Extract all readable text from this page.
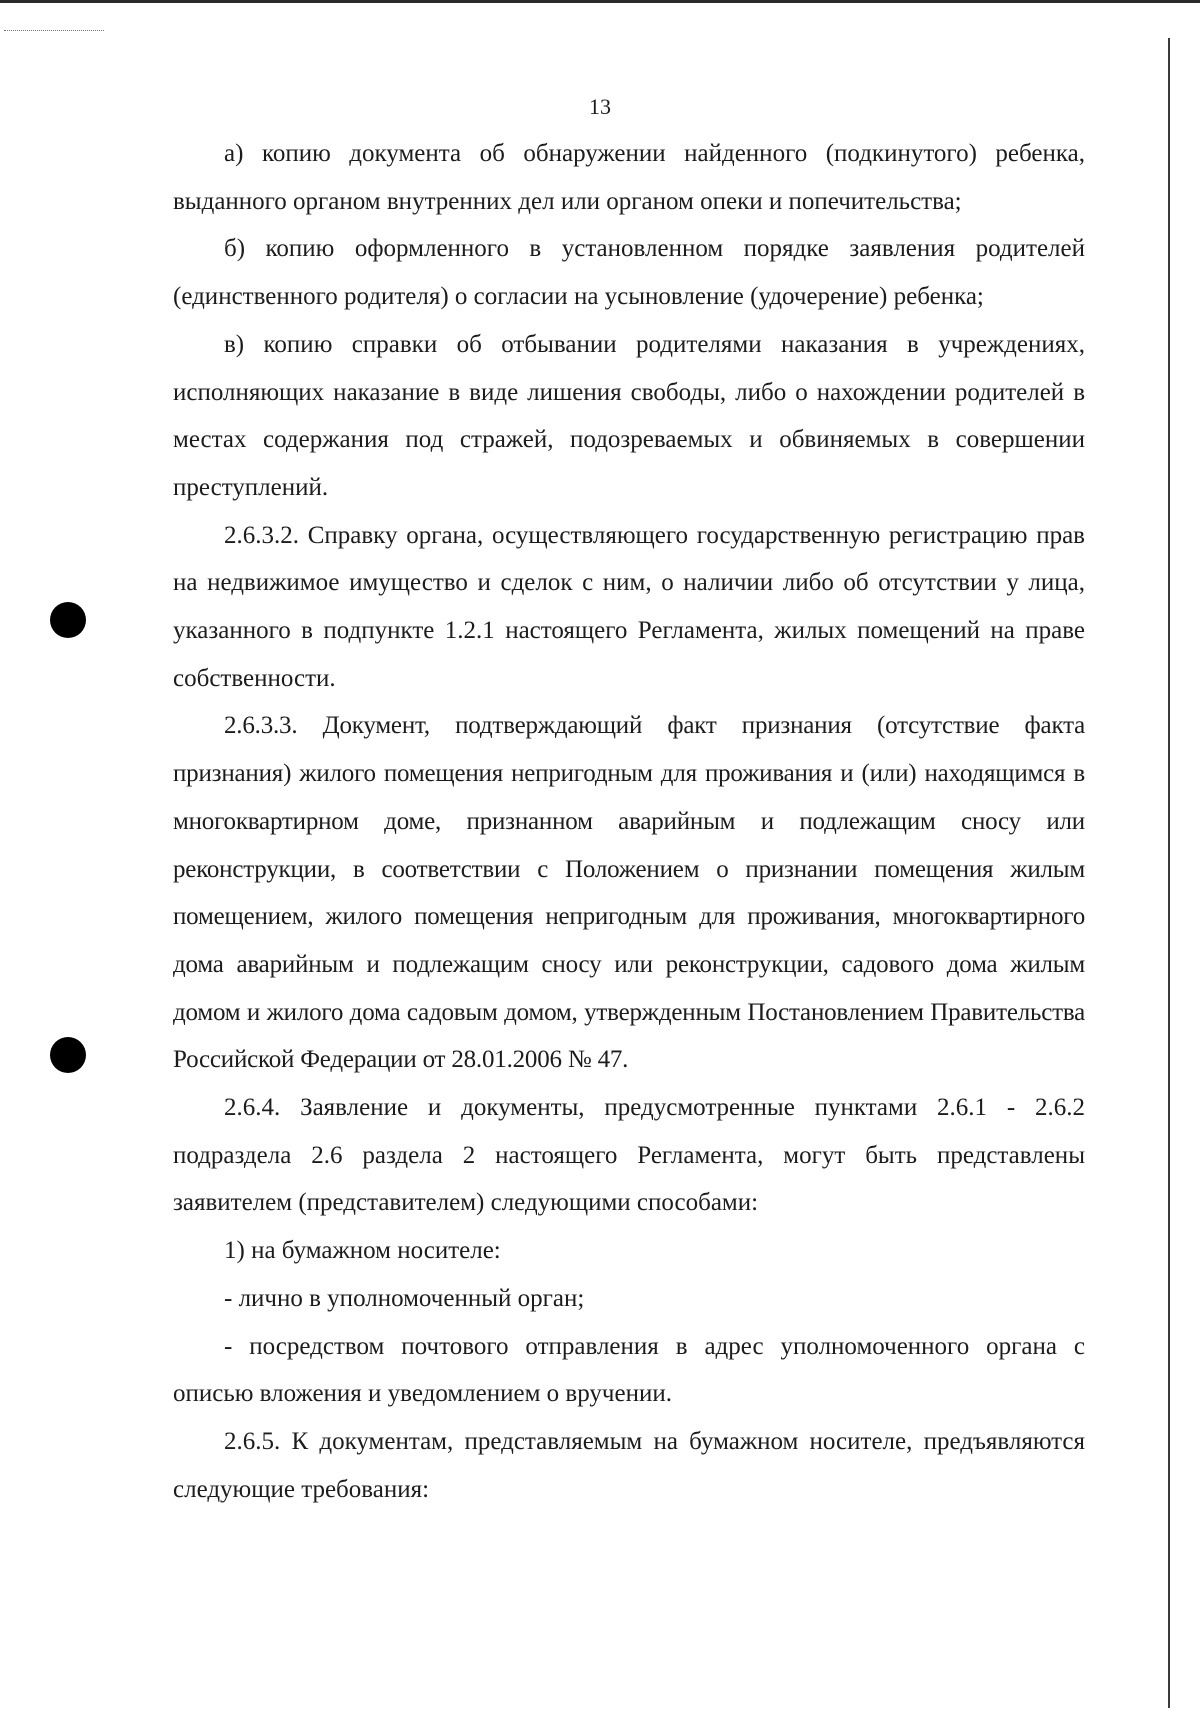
13

а) копию документа об обнаружении найденного (подкинутого) ребенка, выданного органом внутренних дел или органом опеки и попечительства;

б) копию оформленного в установленном порядке заявления родителей (единственного родителя) о согласии на усыновление (удочерение) ребенка;

в) копию справки об отбывании родителями наказания в учреждениях, исполняющих наказание в виде лишения свободы, либо о нахождении родителей в местах содержания под стражей, подозреваемых и обвиняемых в совершении преступлений.

2.6.3.2. Справку органа, осуществляющего государственную регистрацию прав на недвижимое имущество и сделок с ним, о наличии либо об отсутствии у лица, указанного в подпункте 1.2.1 настоящего Регламента, жилых помещений на праве собственности.

2.6.3.3. Документ, подтверждающий факт признания (отсутствие факта признания) жилого помещения непригодным для проживания и (или) находящимся в многоквартирном доме, признанном аварийным и подлежащим сносу или реконструкции, в соответствии с Положением о признании помещения жилым помещением, жилого помещения непригодным для проживания, многоквартирного дома аварийным и подлежащим сносу или реконструкции, садового дома жилым домом и жилого дома садовым домом, утвержденным Постановлением Правительства Российской Федерации от 28.01.2006 № 47.

2.6.4. Заявление и документы, предусмотренные пунктами 2.6.1 - 2.6.2 подраздела 2.6 раздела 2 настоящего Регламента, могут быть представлены заявителем (представителем) следующими способами:

1) на бумажном носителе:

- лично в уполномоченный орган;

- посредством почтового отправления в адрес уполномоченного органа с описью вложения и уведомлением о вручении.

2.6.5. К документам, представляемым на бумажном носителе, предъявляются следующие требования:
